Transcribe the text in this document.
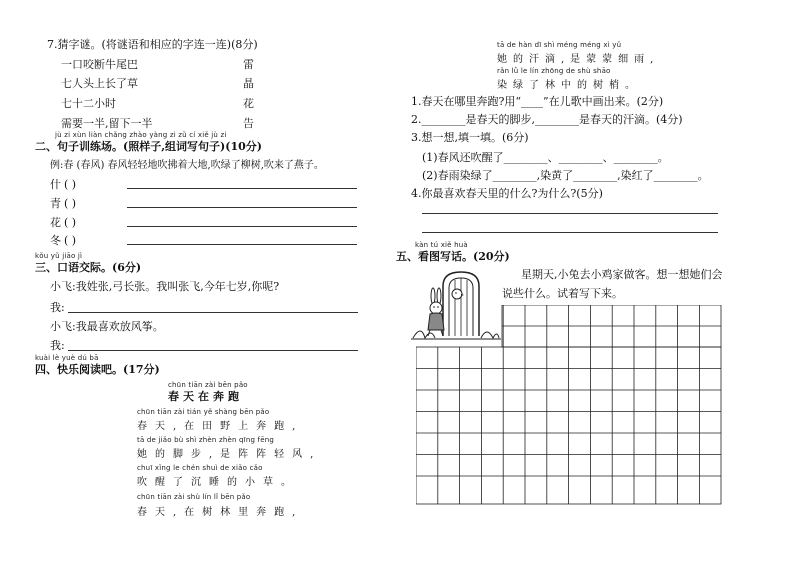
7.猜字谜。(将谜语和相应的字连一连)(8分)
一口咬断牛尾巴	雷
七人头上长了草	晶
七十二小时	花
需要一半,留下一半	告
jù zi xùn liàn chǎng zhào yàng zi zǔ cí xiě jù zi
二、句子训练场。(照样子,组词写句子)(10分)
例:春 (春风) 春风轻轻地吹拂着大地,吹绿了柳树,吹来了燕子。
什 ( )
青 ( )
花 ( )
冬 ( )
kǒu yǔ jiāo jì
三、口语交际。(6分)
小飞:我姓张,弓长张。我叫张飞,今年七岁,你呢?
我:
小飞:我最喜欢放风筝。
我:
kuài lè yuè dú bā
四、快乐阅读吧。(17分)
chūn tiān zài bēn pǎo
春天在奔跑
chūn tiān zài tián yě shàng bēn pǎo
春天,在田野上奔跑,
tā de jiǎo bù shì zhèn zhèn qīng fēng
她的脚步,是阵阵轻风,
chuī xǐng le chén shuì de xiǎo cǎo
吹醒了沉睡的小草。
chūn tiān zài shù lín lǐ bēn pǎo
春天,在树林里奔跑,
tā de hàn dī shì méng méng xì yǔ
她的汗滴,是蒙蒙细雨,
rǎn lǜ le lín zhōng de shù shāo
染绿了林中的树梢。
1.春天在哪里奔跑?用“____”在儿歌中画出来。(2分)
2.________是春天的脚步,________是春天的汗滴。(4分)
3.想一想,填一填。(6分)
(1)春风还吹醒了________、________、________。
(2)春雨染绿了________,染黄了________,染红了________。
4.你最喜欢春天里的什么?为什么?(5分)
kàn tú xiě huà
五、看图写话。(20分)
星期天,小兔去小鸡家做客。想一想她们会
说些什么。试着写下来。
